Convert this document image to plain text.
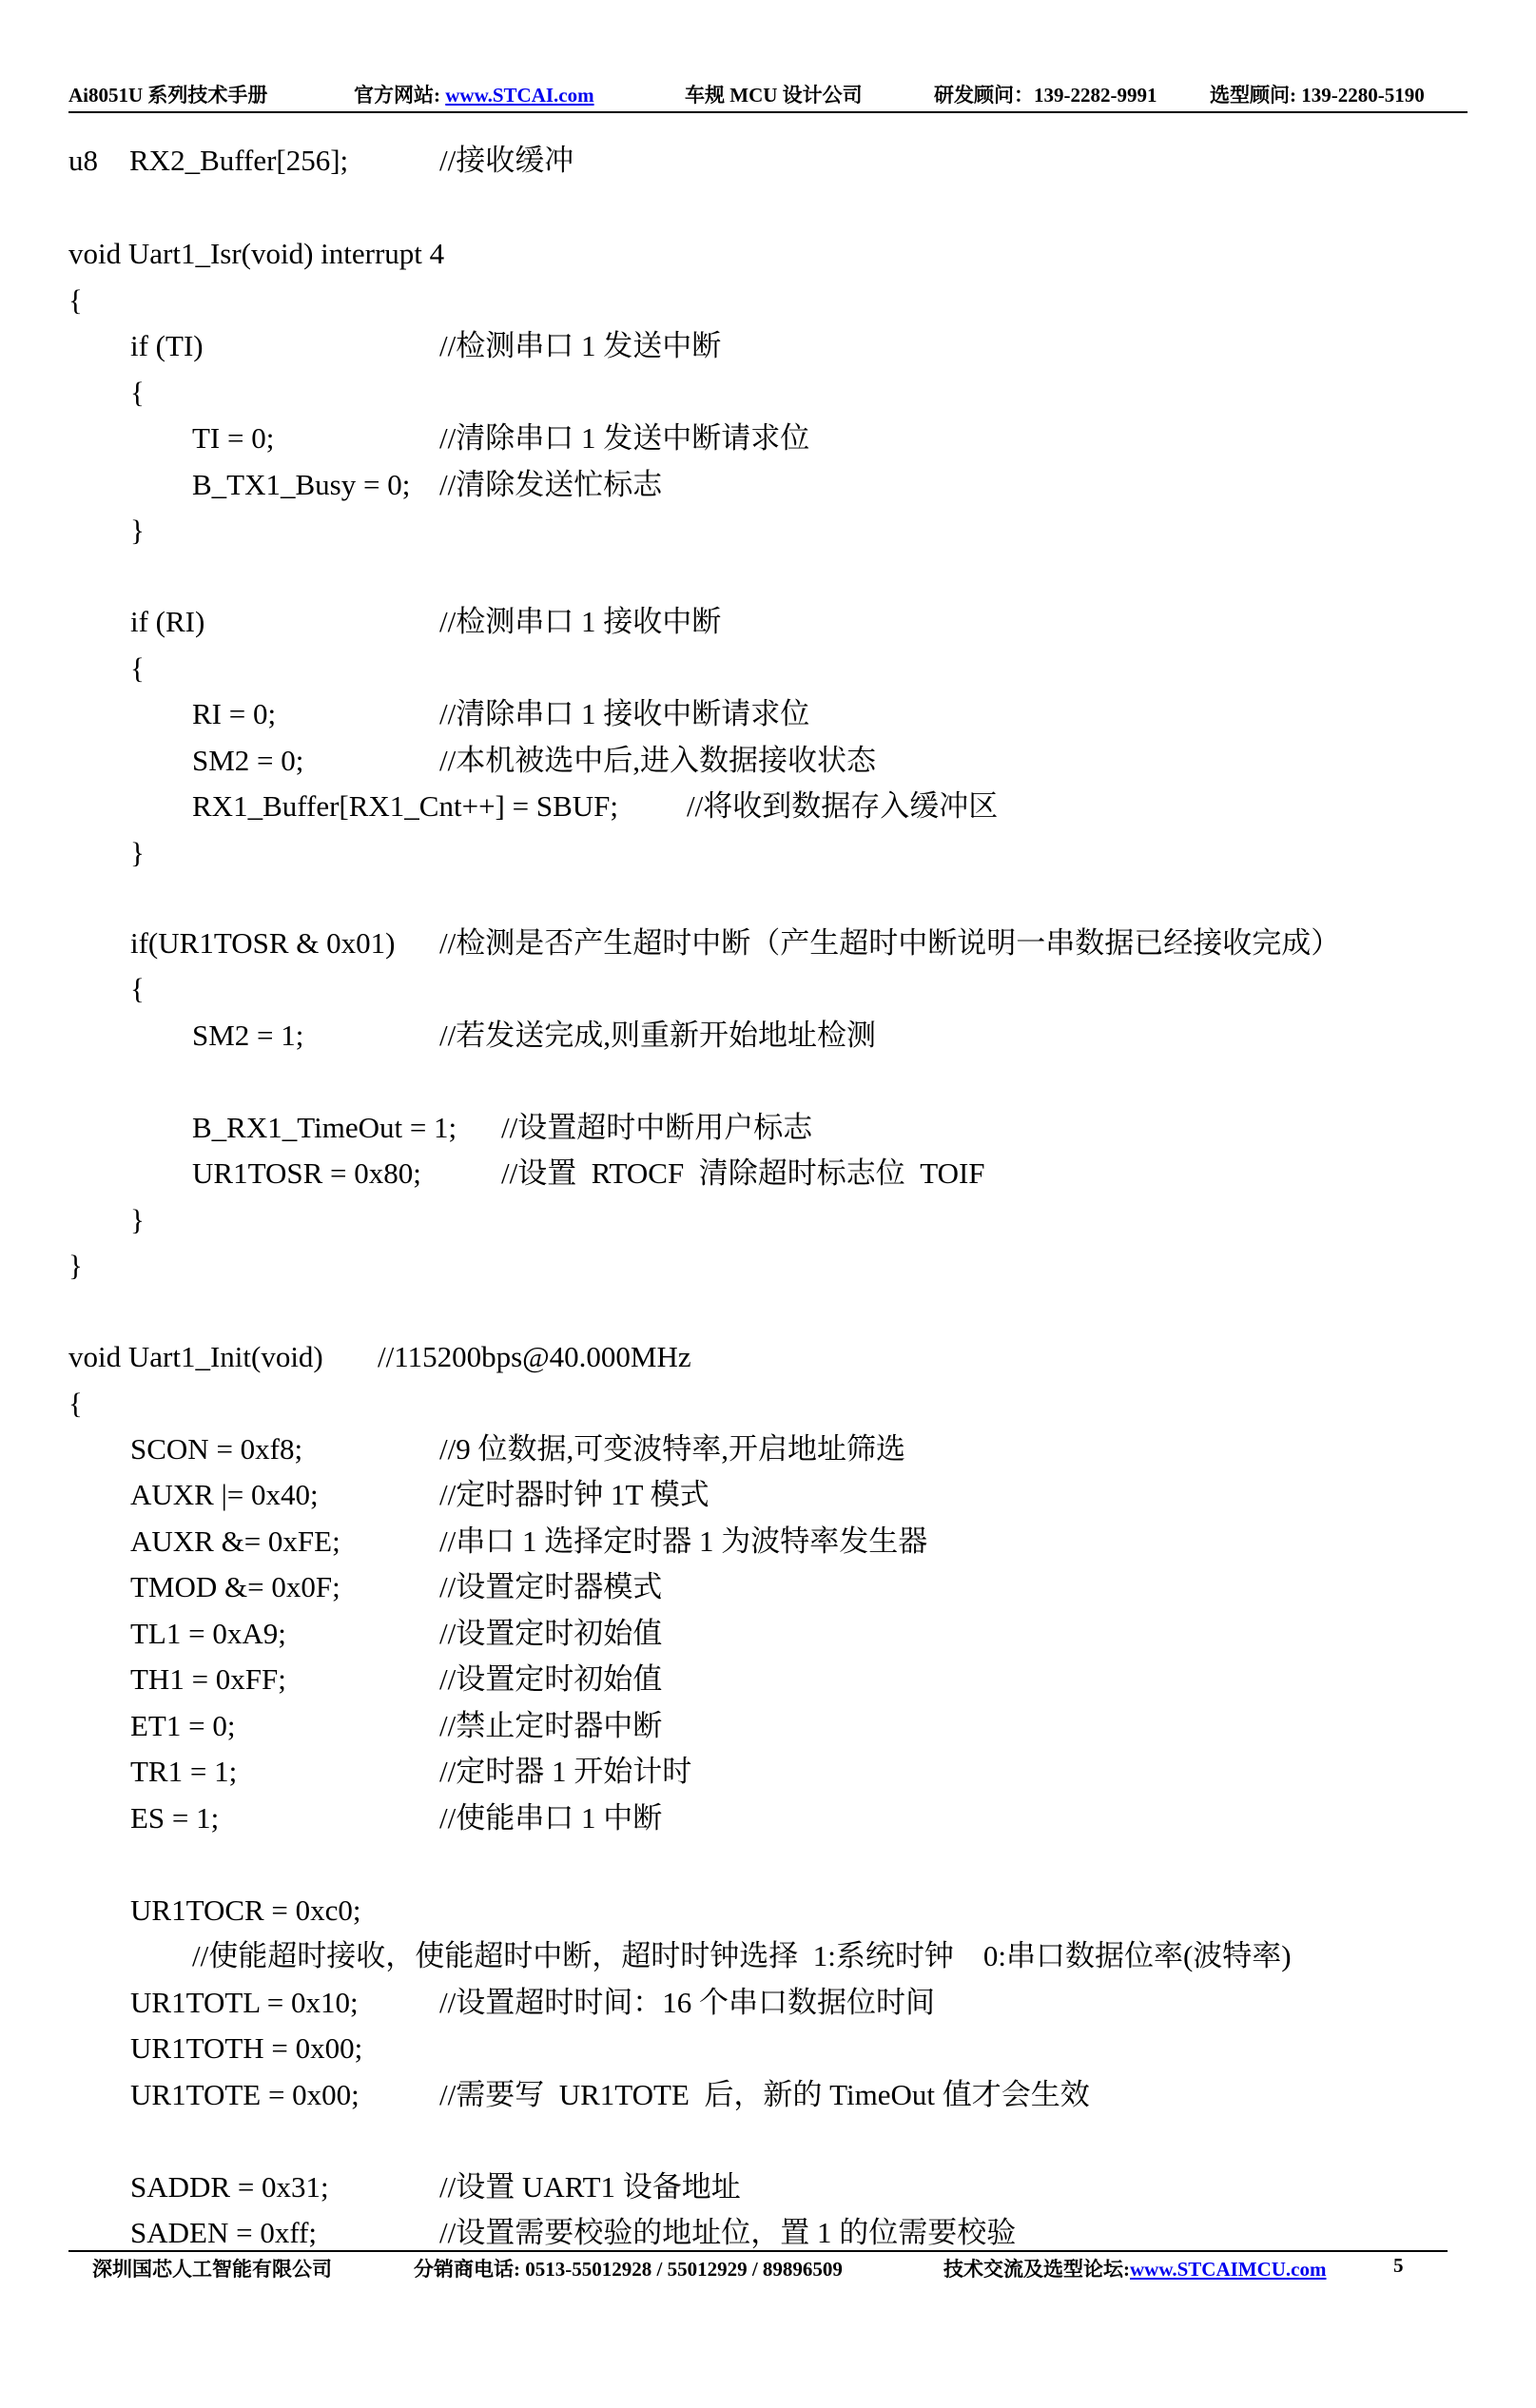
Ai8051U 系列技术手册	官方网站: www.STCAI.com	车规 MCU 设计公司	研发顾问：139-2282-9991	选型顾问: 139-2280-5190
u8 RX2_Buffer[256];	//接收缓冲
void Uart1_Isr(void) interrupt 4
{
if (TI)	//检测串口 1 发送中断
{
TI = 0;	//清除串口 1 发送中断请求位
B_TX1_Busy = 0; //清除发送忙标志
}
if (RI)	//检测串口 1 接收中断
{
RI = 0;	//清除串口 1 接收中断请求位
SM2 = 0;	//本机被选中后,进入数据接收状态
RX1_Buffer[RX1_Cnt++] = SBUF; //将收到数据存入缓冲区
}
if(UR1TOSR & 0x01) //检测是否产生超时中断（产生超时中断说明一串数据已经接收完成）
{
SM2 = 1;	//若发送完成,则重新开始地址检测
B_RX1_TimeOut = 1; //设置超时中断用户标志
UR1TOSR = 0x80;	//设置  RTOCF  清除超时标志位  TOIF
}
}
void Uart1_Init(void) //115200bps@40.000MHz
{
SCON = 0xf8;	//9 位数据,可变波特率,开启地址筛选
AUXR |= 0x40;	//定时器时钟 1T 模式
AUXR &= 0xFE;	//串口 1 选择定时器 1 为波特率发生器
TMOD &= 0x0F;	//设置定时器模式
TL1 = 0xA9;	//设置定时初始值
TH1 = 0xFF;	//设置定时初始值
ET1 = 0;	//禁止定时器中断
TR1 = 1;	//定时器 1 开始计时
ES = 1;	//使能串口 1 中断
UR1TOCR = 0xc0;
//使能超时接收，使能超时中断，超时时钟选择  1:系统时钟    0:串口数据位率(波特率)
UR1TOTL = 0x10;	//设置超时时间：16 个串口数据位时间
UR1TOTH = 0x00;
UR1TOTE = 0x00;	//需要写  UR1TOTE  后，新的 TimeOut 值才会生效
SADDR = 0x31;	//设置 UART1 设备地址
SADEN = 0xff;	//设置需要校验的地址位，置 1 的位需要校验
深圳国芯人工智能有限公司	分销商电话: 0513-55012928 / 55012929 / 89896509	技术交流及选型论坛:www.STCAIMCU.com	5
